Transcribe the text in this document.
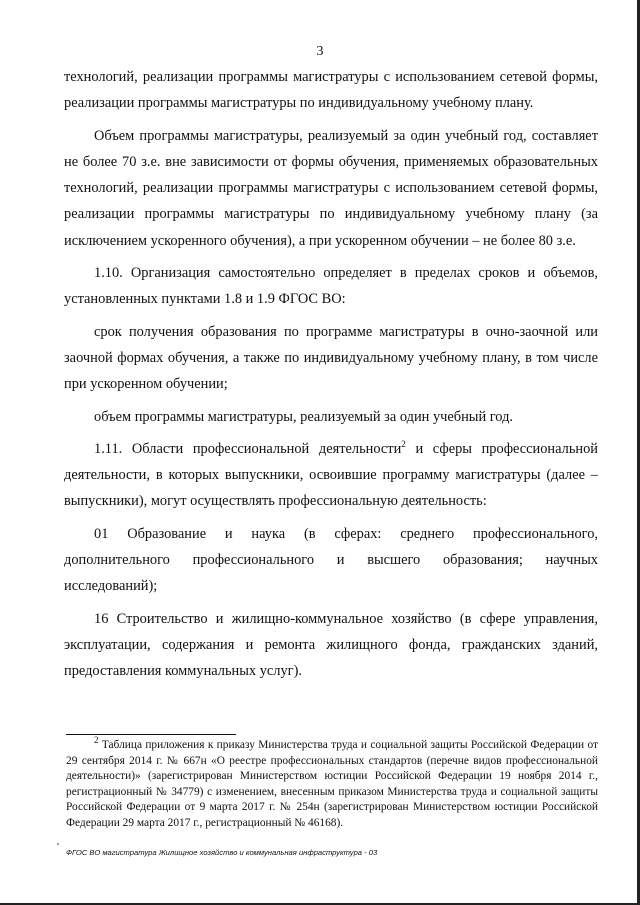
3

технологий, реализации программы магистратуры с использованием сетевой формы, реализации программы магистратуры по индивидуальному учебному плану.

Объем программы магистратуры, реализуемый за один учебный год, составляет не более 70 з.е. вне зависимости от формы обучения, применяемых образовательных технологий, реализации программы магистратуры с использованием сетевой формы, реализации программы магистратуры по индивидуальному учебному плану (за исключением ускоренного обучения), а при ускоренном обучении – не более 80 з.е.

1.10. Организация самостоятельно определяет в пределах сроков и объемов, установленных пунктами 1.8 и 1.9 ФГОС ВО:

срок получения образования по программе магистратуры в очно-заочной или заочной формах обучения, а также по индивидуальному учебному плану, в том числе при ускоренном обучении;

объем программы магистратуры, реализуемый за один учебный год.

1.11. Области профессиональной деятельности$^2$ и сферы профессиональной деятельности, в которых выпускники, освоившие программу магистратуры (далее – выпускники), могут осуществлять профессиональную деятельность:

01 Образование и наука (в сферах: среднего профессионального, дополнительного профессионального и высшего образования; научных исследований);

16 Строительство и жилищно-коммунальное хозяйство (в сфере управления, эксплуатации, содержания и ремонта жилищного фонда, гражданских зданий, предоставления коммунальных услуг).

$^2$ Таблица приложения к приказу Министерства труда и социальной защиты Российской Федерации от 29 сентября 2014 г. № 667н «О реестре профессиональных стандартов (перечне видов профессиональной деятельности)» (зарегистрирован Министерством юстиции Российской Федерации 19 ноября 2014 г., регистрационный № 34779) с изменением, внесенным приказом Министерства труда и социальной защиты Российской Федерации от 9 марта 2017 г. № 254н (зарегистрирован Министерством юстиции Российской Федерации 29 марта 2017 г., регистрационный № 46168).
' ФГОС ВО магистратура Жилищное хозяйство и коммунальная инфраструктура - 03
